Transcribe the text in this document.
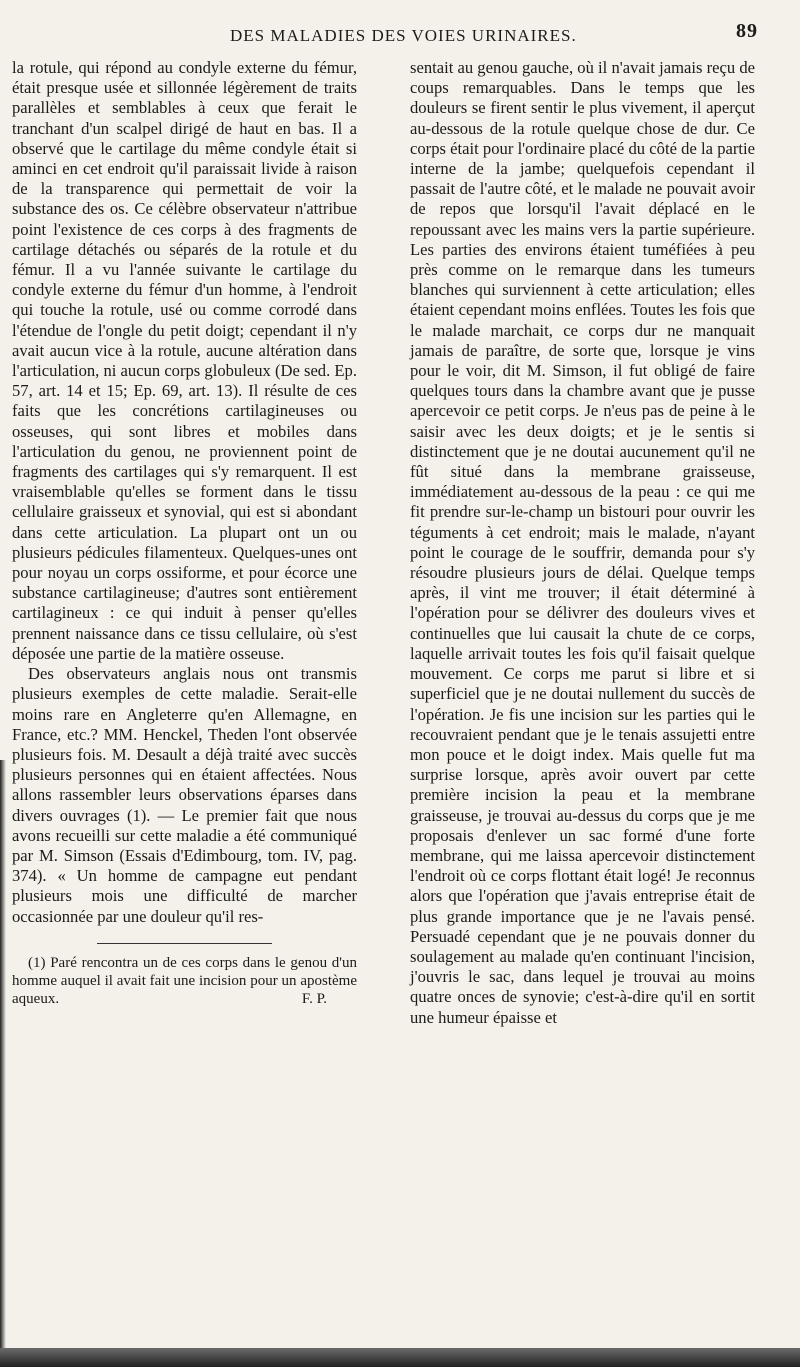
DES MALADIES DES VOIES URINAIRES.	89

la rotule, qui répond au condyle externe du fémur, était presque usée et sillonnée légèrement de traits parallèles et semblables à ceux que ferait le tranchant d'un scalpel dirigé de haut en bas. Il a observé que le cartilage du même condyle était si aminci en cet endroit qu'il paraissait livide à raison de la transparence qui permettait de voir la substance des os. Ce célèbre observateur n'attribue point l'existence de ces corps à des fragments de cartilage détachés ou séparés de la rotule et du fémur. Il a vu l'année suivante le cartilage du condyle externe du fémur d'un homme, à l'endroit qui touche la rotule, usé ou comme corrodé dans l'étendue de l'ongle du petit doigt; cependant il n'y avait aucun vice à la rotule, aucune altération dans l'articulation, ni aucun corps globuleux (De sed. Ep. 57, art. 14 et 15; Ep. 69, art. 13). Il résulte de ces faits que les concrétions cartilagineuses ou osseuses, qui sont libres et mobiles dans l'articulation du genou, ne proviennent point de fragments des cartilages qui s'y remarquent. Il est vraisemblable qu'elles se forment dans le tissu cellulaire graisseux et synovial, qui est si abondant dans cette articulation. La plupart ont un ou plusieurs pédicules filamenteux. Quelques-unes ont pour noyau un corps ossiforme, et pour écorce une substance cartilagineuse; d'autres sont entièrement cartilagineux : ce qui induit à penser qu'elles prennent naissance dans ce tissu cellulaire, où s'est déposée une partie de la matière osseuse.

Des observateurs anglais nous ont transmis plusieurs exemples de cette maladie. Serait-elle moins rare en Angleterre qu'en Allemagne, en France, etc.? MM. Henckel, Theden l'ont observée plusieurs fois. M. Desault a déjà traité avec succès plusieurs personnes qui en étaient affectées. Nous allons rassembler leurs observations éparses dans divers ouvrages (1). — Le premier fait que nous avons recueilli sur cette maladie a été communiqué par M. Simson (Essais d'Edimbourg, tom. IV, pag. 374). « Un homme de campagne eut pendant plusieurs mois une difficulté de marcher occasionnée par une douleur qu'il res-

(1) Paré rencontra un de ces corps dans le genou d'un homme auquel il avait fait une incision pour un apostème aqueux.	F. P.

sentait au genou gauche, où il n'avait jamais reçu de coups remarquables. Dans le temps que les douleurs se firent sentir le plus vivement, il aperçut au-dessous de la rotule quelque chose de dur. Ce corps était pour l'ordinaire placé du côté de la partie interne de la jambe; quelquefois cependant il passait de l'autre côté, et le malade ne pouvait avoir de repos que lorsqu'il l'avait déplacé en le repoussant avec les mains vers la partie supérieure. Les parties des environs étaient tuméfiées à peu près comme on le remarque dans les tumeurs blanches qui surviennent à cette articulation; elles étaient cependant moins enflées. Toutes les fois que le malade marchait, ce corps dur ne manquait jamais de paraître, de sorte que, lorsque je vins pour le voir, dit M. Simson, il fut obligé de faire quelques tours dans la chambre avant que je pusse apercevoir ce petit corps. Je n'eus pas de peine à le saisir avec les deux doigts; et je le sentis si distinctement que je ne doutai aucunement qu'il ne fût situé dans la membrane graisseuse, immédiatement au-dessous de la peau : ce qui me fit prendre sur-le-champ un bistouri pour ouvrir les téguments à cet endroit; mais le malade, n'ayant point le courage de le souffrir, demanda pour s'y résoudre plusieurs jours de délai. Quelque temps après, il vint me trouver; il était déterminé à l'opération pour se délivrer des douleurs vives et continuelles que lui causait la chute de ce corps, laquelle arrivait toutes les fois qu'il faisait quelque mouvement. Ce corps me parut si libre et si superficiel que je ne doutai nullement du succès de l'opération. Je fis une incision sur les parties qui le recouvraient pendant que je le tenais assujetti entre mon pouce et le doigt index. Mais quelle fut ma surprise lorsque, après avoir ouvert par cette première incision la peau et la membrane graisseuse, je trouvai au-dessus du corps que je me proposais d'enlever un sac formé d'une forte membrane, qui me laissa apercevoir distinctement l'endroit où ce corps flottant était logé! Je reconnus alors que l'opération que j'avais entreprise était de plus grande importance que je ne l'avais pensé. Persuadé cependant que je ne pouvais donner du soulagement au malade qu'en continuant l'incision, j'ouvris le sac, dans lequel je trouvai au moins quatre onces de synovie; c'est-à-dire qu'il en sortit une humeur épaisse et
